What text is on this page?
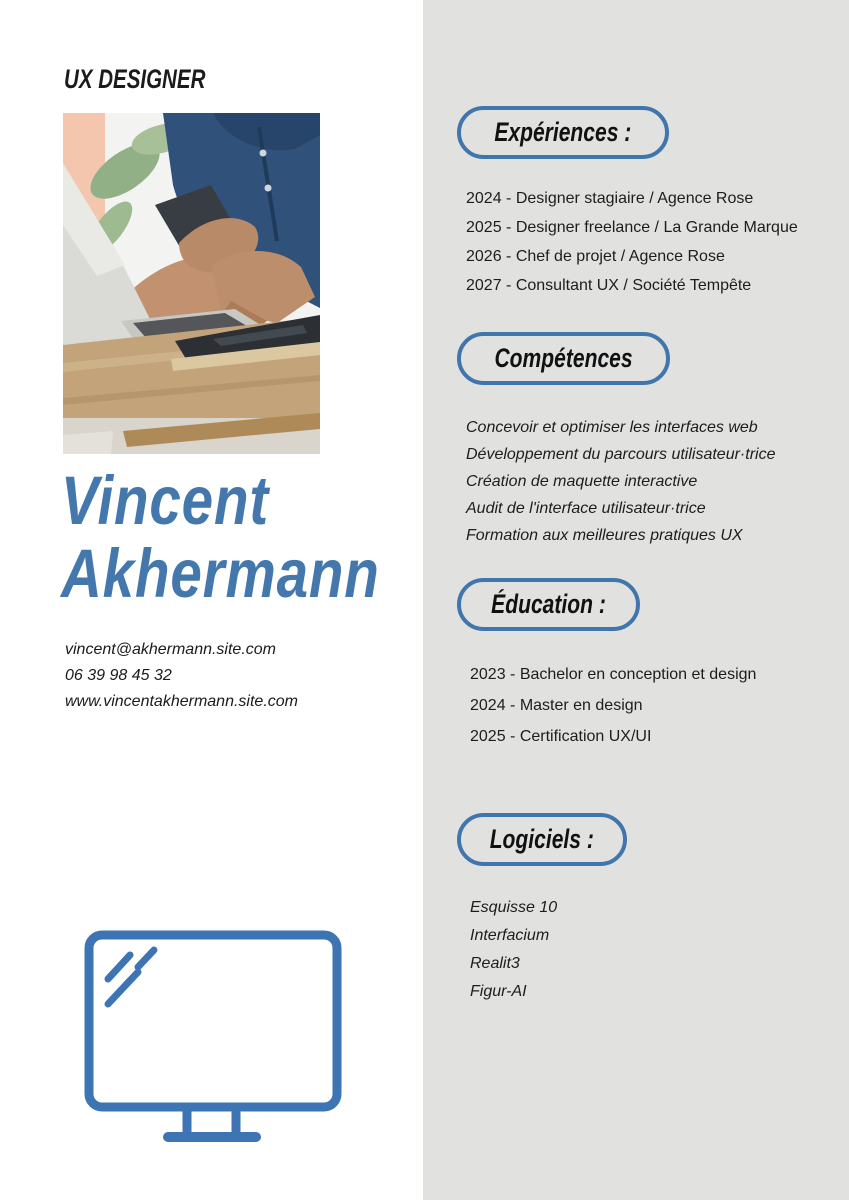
UX DESIGNER
Vincent
Akhermann
vincent@akhermann.site.com
06 39 98 45 32
www.vincentakhermann.site.com
Expériences :
2024 - Designer stagiaire / Agence Rose
2025 - Designer freelance / La Grande Marque
2026 - Chef de projet / Agence Rose
2027 - Consultant UX / Société Tempête
Compétences
Concevoir et optimiser les interfaces web
Développement du parcours utilisateur·trice
Création de maquette interactive
Audit de l'interface utilisateur·trice
Formation aux meilleures pratiques UX
Éducation :
2023 - Bachelor en conception et design
2024 - Master en design
2025 - Certification UX/UI
Logiciels :
Esquisse 10
Interfacium
Realit3
Figur-AI
